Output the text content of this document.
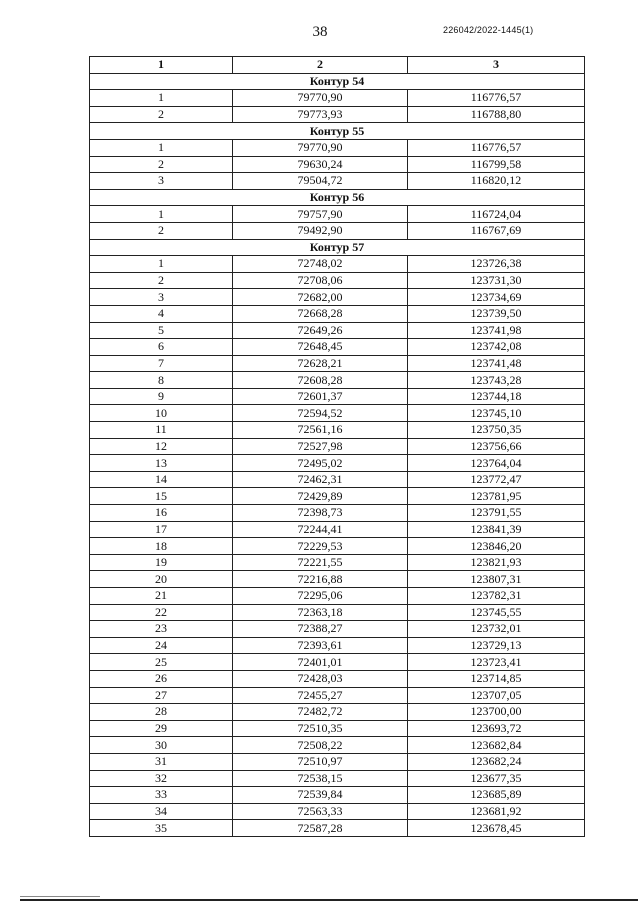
38	226042/2022-1445(1)
1	2	3
Контур 54		
1	79770,90	116776,57
2	79773,93	116788,80
Контур 55		
1	79770,90	116776,57
2	79630,24	116799,58
3	79504,72	116820,12
Контур 56		
1	79757,90	116724,04
2	79492,90	116767,69
Контур 57		
1	72748,02	123726,38
2	72708,06	123731,30
3	72682,00	123734,69
4	72668,28	123739,50
5	72649,26	123741,98
6	72648,45	123742,08
7	72628,21	123741,48
8	72608,28	123743,28
9	72601,37	123744,18
10	72594,52	123745,10
11	72561,16	123750,35
12	72527,98	123756,66
13	72495,02	123764,04
14	72462,31	123772,47
15	72429,89	123781,95
16	72398,73	123791,55
17	72244,41	123841,39
18	72229,53	123846,20
19	72221,55	123821,93
20	72216,88	123807,31
21	72295,06	123782,31
22	72363,18	123745,55
23	72388,27	123732,01
24	72393,61	123729,13
25	72401,01	123723,41
26	72428,03	123714,85
27	72455,27	123707,05
28	72482,72	123700,00
29	72510,35	123693,72
30	72508,22	123682,84
31	72510,97	123682,24
32	72538,15	123677,35
33	72539,84	123685,89
34	72563,33	123681,92
35	72587,28	123678,45
